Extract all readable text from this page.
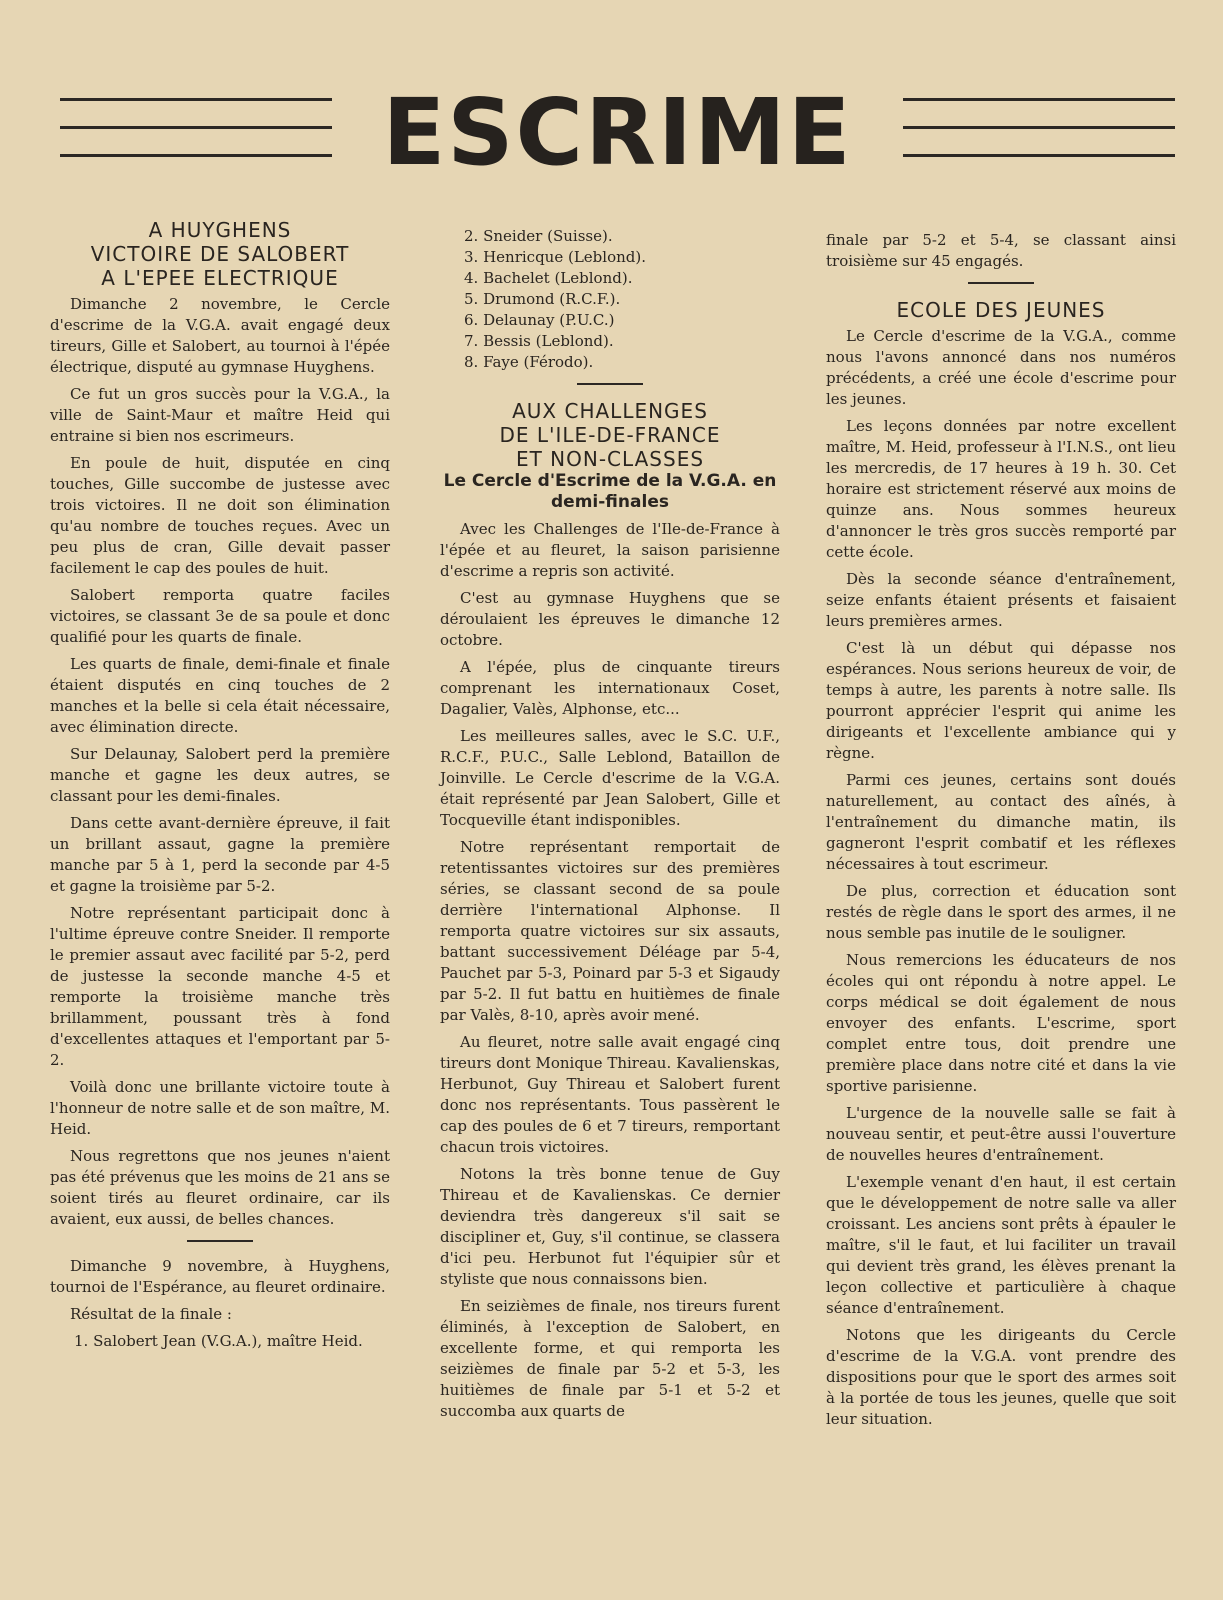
ESCRIME
A HUYGHENS
VICTOIRE DE SALOBERT
A L'EPEE ELECTRIQUE

Dimanche 2 novembre, le Cercle d'escrime de la V.G.A. avait engagé deux tireurs, Gille et Salobert, au tournoi à l'épée électrique, disputé au gymnase Huyghens.

Ce fut un gros succès pour la V.G.A., la ville de Saint-Maur et maître Heid qui entraine si bien nos escrimeurs.

En poule de huit, disputée en cinq touches, Gille succombe de justesse avec trois victoires. Il ne doit son élimination qu'au nombre de touches reçues. Avec un peu plus de cran, Gille devait passer facilement le cap des poules de huit.

Salobert remporta quatre faciles victoires, se classant 3e de sa poule et donc qualifié pour les quarts de finale.

Les quarts de finale, demi-finale et finale étaient disputés en cinq touches de 2 manches et la belle si cela était nécessaire, avec élimination directe.

Sur Delaunay, Salobert perd la première manche et gagne les deux autres, se classant pour les demi-finales.

Dans cette avant-dernière épreuve, il fait un brillant assaut, gagne la première manche par 5 à 1, perd la seconde par 4-5 et gagne la troisième par 5-2.

Notre représentant participait donc à l'ultime épreuve contre Sneider. Il remporte le premier assaut avec facilité par 5-2, perd de justesse la seconde manche 4-5 et remporte la troisième manche très brillamment, poussant très à fond d'excellentes attaques et l'emportant par 5-2.

Voilà donc une brillante victoire toute à l'honneur de notre salle et de son maître, M. Heid.

Nous regrettons que nos jeunes n'aient pas été prévenus que les moins de 21 ans se soient tirés au fleuret ordinaire, car ils avaient, eux aussi, de belles chances.

Dimanche 9 novembre, à Huyghens, tournoi de l'Espérance, au fleuret ordinaire.

Résultat de la finale :

1. Salobert Jean (V.G.A.), maître Heid.
2. Sneider (Suisse).
3. Henricque (Leblond).
4. Bachelet (Leblond).
5. Drumond (R.C.F.).
6. Delaunay (P.U.C.)
7. Bessis (Leblond).
8. Faye (Férodo).
AUX CHALLENGES
DE L'ILE-DE-FRANCE
ET NON-CLASSES
Le Cercle d'Escrime de la V.G.A. en demi-finales

Avec les Challenges de l'Ile-de-France à l'épée et au fleuret, la saison parisienne d'escrime a repris son activité.

C'est au gymnase Huyghens que se déroulaient les épreuves le dimanche 12 octobre.

A l'épée, plus de cinquante tireurs comprenant les internationaux Coset, Dagalier, Valès, Alphonse, etc...

Les meilleures salles, avec le S.C. U.F., R.C.F., P.U.C., Salle Leblond, Bataillon de Joinville. Le Cercle d'escrime de la V.G.A. était représenté par Jean Salobert, Gille et Tocqueville étant indisponibles.

Notre représentant remportait de retentissantes victoires sur des premières séries, se classant second de sa poule derrière l'international Alphonse. Il remporta quatre victoires sur six assauts, battant successivement Déléage par 5-4, Pauchet par 5-3, Poinard par 5-3 et Sigaudy par 5-2. Il fut battu en huitièmes de finale par Valès, 8-10, après avoir mené.

Au fleuret, notre salle avait engagé cinq tireurs dont Monique Thireau. Kavalienskas, Herbunot, Guy Thireau et Salobert furent donc nos représentants. Tous passèrent le cap des poules de 6 et 7 tireurs, remportant chacun trois victoires.

Notons la très bonne tenue de Guy Thireau et de Kavalienskas. Ce dernier deviendra très dangereux s'il sait se discipliner et, Guy, s'il continue, se classera d'ici peu. Herbunot fut l'équipier sûr et styliste que nous connaissons bien.

En seizièmes de finale, nos tireurs furent éliminés, à l'exception de Salobert, en excellente forme, et qui remporta les seizièmes de finale par 5-2 et 5-3, les huitièmes de finale par 5-1 et 5-2 et succomba aux quarts de

finale par 5-2 et 5-4, se classant ainsi troisième sur 45 engagés.

ECOLE DES JEUNES

Le Cercle d'escrime de la V.G.A., comme nous l'avons annoncé dans nos numéros précédents, a créé une école d'escrime pour les jeunes.

Les leçons données par notre excellent maître, M. Heid, professeur à l'I.N.S., ont lieu les mercredis, de 17 heures à 19 h. 30. Cet horaire est strictement réservé aux moins de quinze ans. Nous sommes heureux d'annoncer le très gros succès remporté par cette école.

Dès la seconde séance d'entraînement, seize enfants étaient présents et faisaient leurs premières armes.

C'est là un début qui dépasse nos espérances. Nous serions heureux de voir, de temps à autre, les parents à notre salle. Ils pourront apprécier l'esprit qui anime les dirigeants et l'excellente ambiance qui y règne.

Parmi ces jeunes, certains sont doués naturellement, au contact des aînés, à l'entraînement du dimanche matin, ils gagneront l'esprit combatif et les réflexes nécessaires à tout escrimeur.

De plus, correction et éducation sont restés de règle dans le sport des armes, il ne nous semble pas inutile de le souligner.

Nous remercions les éducateurs de nos écoles qui ont répondu à notre appel. Le corps médical se doit également de nous envoyer des enfants. L'escrime, sport complet entre tous, doit prendre une première place dans notre cité et dans la vie sportive parisienne.

L'urgence de la nouvelle salle se fait à nouveau sentir, et peut-être aussi l'ouverture de nouvelles heures d'entraînement.

L'exemple venant d'en haut, il est certain que le développement de notre salle va aller croissant. Les anciens sont prêts à épauler le maître, s'il le faut, et lui faciliter un travail qui devient très grand, les élèves prenant la leçon collective et particulière à chaque séance d'entraînement.

Notons que les dirigeants du Cercle d'escrime de la V.G.A. vont prendre des dispositions pour que le sport des armes soit à la portée de tous les jeunes, quelle que soit leur situation.
